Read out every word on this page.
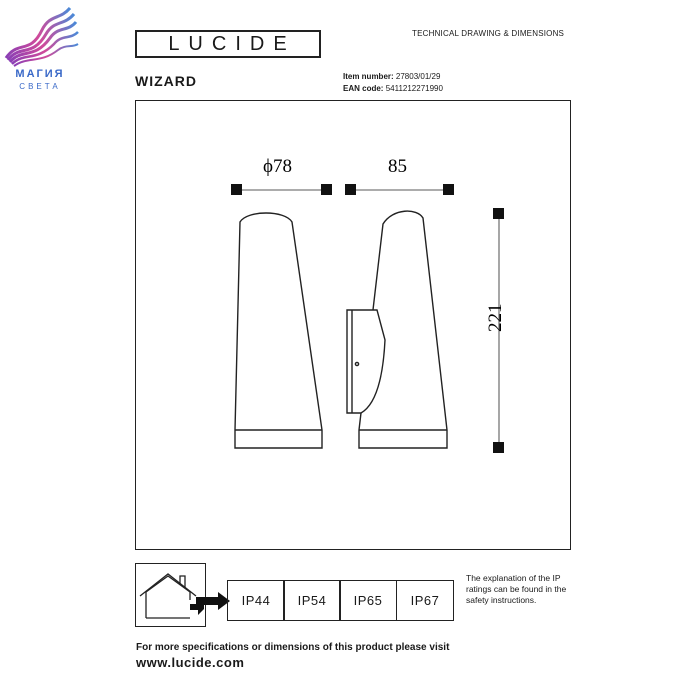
МАГИЯ
СВЕТА
LUCIDE	TECHNICAL DRAWING & DIMENSIONS
WIZARD	Item number: 27803/01/29
EAN code: 5411212271990
ϕ78	85
221
IP44	IP54	IP65	IP67
The explanation of the IP ratings can be found in the safety instructions.
For more specifications or dimensions of this product please visit
www.lucide.com
